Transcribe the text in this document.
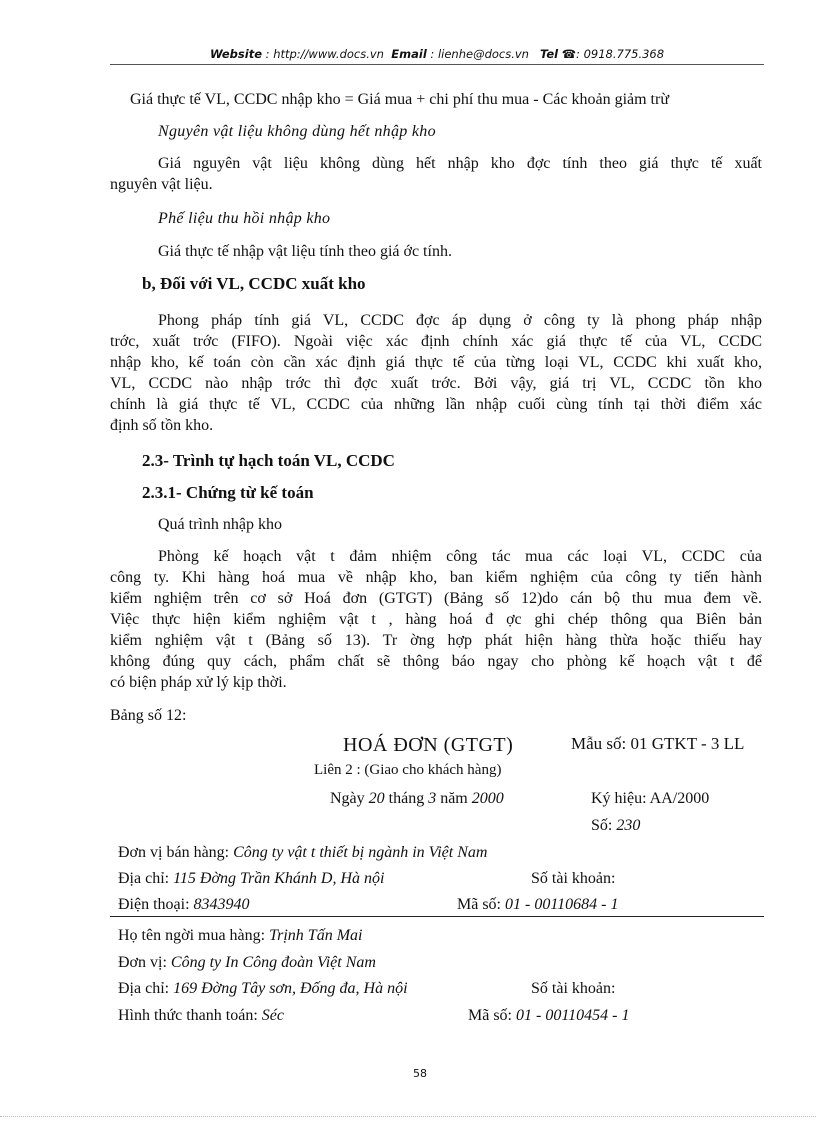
Website : http://www.docs.vn Email : lienhe@docs.vn Tel ☎: 0918.775.368
Giá thực tế VL, CCDC nhập kho = Giá mua + chi phí thu mua - Các khoản giảm trừ
Nguyên vật liệu không dùng hết nhập kho
Giá nguyên vật liệu không dùng hết nhập kho đợc tính theo giá thực tế xuất
nguyên vật liệu.
Phế liệu thu hồi nhập kho
Giá thực tế nhập vật liệu tính theo giá ớc tính.
b, Đối với VL, CCDC xuất kho
Phong pháp tính giá VL, CCDC đợc áp dụng ở công ty là phong pháp nhập
trớc, xuất trớc (FIFO). Ngoài việc xác định chính xác giá thực tế của VL, CCDC
nhập kho, kế toán còn cần xác định giá thực tế của từng loại VL, CCDC khi xuất kho,
VL, CCDC nào nhập trớc thì đợc xuất trớc. Bởi vậy, giá trị VL, CCDC tồn kho
chính là giá thực tế VL, CCDC của những lần nhập cuối cùng tính tại thời điểm xác
định số tồn kho.
2.3- Trình tự hạch toán VL, CCDC
2.3.1- Chứng từ kế toán
Quá trình nhập kho
Phòng kế hoạch vật t đảm nhiệm công tác mua các loại VL, CCDC của
công ty. Khi hàng hoá mua về nhập kho, ban kiểm nghiệm của công ty tiến hành
kiểm nghiệm trên cơ sở Hoá đơn (GTGT) (Bảng số 12)do cán bộ thu mua đem về.
Việc thực hiện kiểm nghiệm vật t , hàng hoá đ ợc ghi chép thông qua Biên bản
kiểm nghiệm vật t (Bảng số 13). Tr ờng hợp phát hiện hàng thừa hoặc thiếu hay
không đúng quy cách, phẩm chất sẽ thông báo ngay cho phòng kế hoạch vật t để
có biện pháp xử lý kịp thời.
Bảng số 12:
HOÁ ĐƠN (GTGT)	Mẫu số: 01 GTKT - 3 LL
Liên 2 : (Giao cho khách hàng)
Ngày 20 tháng 3 năm 2000	Ký hiệu: AA/2000
Số: 230
Đơn vị bán hàng: Công ty vật t thiết bị ngành in Việt Nam
Địa chỉ: 115 Đờng Trần Khánh D, Hà nội	Số tài khoản:
Điện thoại: 8343940	Mã số: 01 - 00110684 - 1
Họ tên ngời mua hàng: Trịnh Tấn Mai
Đơn vị: Công ty In Công đoàn Việt Nam
Địa chỉ: 169 Đờng Tây sơn, Đống đa, Hà nội	Số tài khoản:
Hình thức thanh toán: Séc	Mã số: 01 - 00110454 - 1
58
